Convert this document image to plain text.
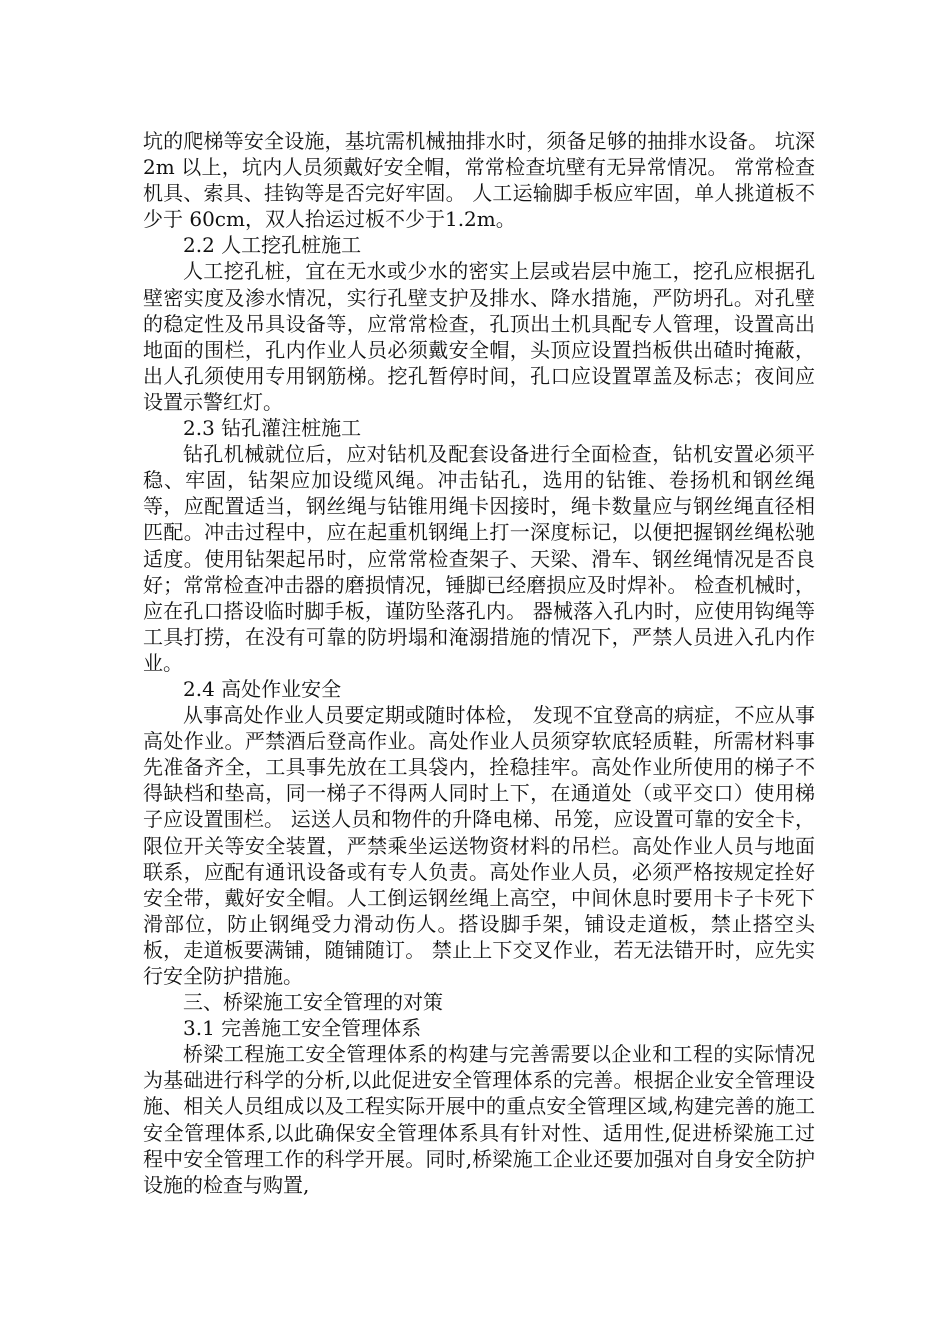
坑的爬梯等安全设施，基坑需机械抽排水时，须备足够的抽排水设备。 坑深2m 以上，坑内人员须戴好安全帽，常常检查坑壁有无异常情况。 常常检查机具、索具、挂钩等是否完好牢固。 人工运输脚手板应牢固，单人挑道板不少于 60cm，双人抬运过板不少于1.2m。

2.2 人工挖孔桩施工

人工挖孔桩，宜在无水或少水的密实上层或岩层中施工，挖孔应根据孔壁密实度及渗水情况，实行孔壁支护及排水、降水措施，严防坍孔。对孔壁的稳定性及吊具设备等，应常常检查，孔顶出土机具配专人管理，设置高出地面的围栏，孔内作业人员必须戴安全帽，头顶应设置挡板供出碴时掩蔽，出人孔须使用专用钢筋梯。挖孔暂停时间，孔口应设置罩盖及标志；夜间应设置示警红灯。

2.3 钻孔灌注桩施工

钻孔机械就位后，应对钻机及配套设备进行全面检查，钻机安置必须平稳、牢固，钻架应加设缆风绳。冲击钻孔，选用的钻锥、卷扬机和钢丝绳等，应配置适当，钢丝绳与钻锥用绳卡因接时，绳卡数量应与钢丝绳直径相匹配。冲击过程中，应在起重机钢绳上打一深度标记，以便把握钢丝绳松驰适度。使用钻架起吊时，应常常检查架子、天梁、滑车、钢丝绳情况是否良好；常常检查冲击器的磨损情况，锤脚已经磨损应及时焊补。 检查机械时，应在孔口搭设临时脚手板，谨防坠落孔内。 器械落入孔内时，应使用钩绳等工具打捞，在没有可靠的防坍塌和淹溺措施的情况下，严禁人员进入孔内作业。

2.4 高处作业安全

从事高处作业人员要定期或随时体检， 发现不宜登高的病症，不应从事高处作业。严禁酒后登高作业。高处作业人员须穿软底轻质鞋，所需材料事先准备齐全，工具事先放在工具袋内，拴稳挂牢。高处作业所使用的梯子不得缺档和垫高，同一梯子不得两人同时上下，在通道处（或平交口）使用梯子应设置围栏。 运送人员和物件的升降电梯、吊笼，应设置可靠的安全卡，限位开关等安全装置，严禁乘坐运送物资材料的吊栏。高处作业人员与地面联系，应配有通讯设备或有专人负责。高处作业人员，必须严格按规定拴好安全带，戴好安全帽。人工倒运钢丝绳上高空，中间休息时要用卡子卡死下滑部位，防止钢绳受力滑动伤人。搭设脚手架，铺设走道板，禁止搭空头板，走道板要满铺，随铺随订。 禁止上下交叉作业，若无法错开时，应先实行安全防护措施。

三、桥梁施工安全管理的对策

3.1 完善施工安全管理体系

桥梁工程施工安全管理体系的构建与完善需要以企业和工程的实际情况为基础进行科学的分析,以此促进安全管理体系的完善。根据企业安全管理设施、相关人员组成以及工程实际开展中的重点安全管理区域,构建完善的施工安全管理体系,以此确保安全管理体系具有针对性、适用性,促进桥梁施工过程中安全管理工作的科学开展。同时,桥梁施工企业还要加强对自身安全防护设施的检查与购置,
